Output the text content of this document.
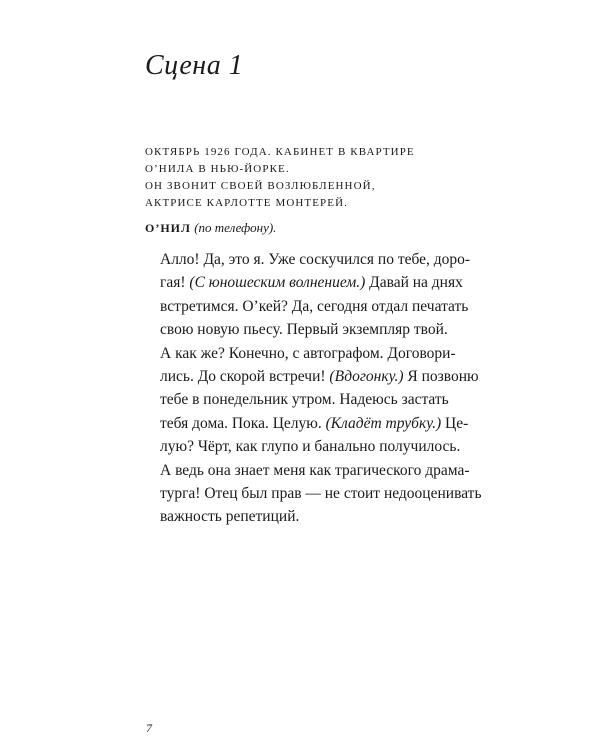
Сцена 1
ОКТЯБРЬ 1926 ГОДА. КАБИНЕТ В КВАРТИРЕ
О’НИЛА В НЬЮ-ЙОРКЕ.
ОН ЗВОНИТ СВОЕЙ ВОЗЛЮБЛЕННОЙ,
АКТРИСЕ КАРЛОТТЕ МОНТЕРЕЙ.
О’НИЛ (по телефону).
Алло! Да, это я. Уже соскучился по тебе, доро-
гая! (С юношеским волнением.) Давай на днях
встретимся. О’кей? Да, сегодня отдал печатать
свою новую пьесу. Первый экземпляр твой.
А как же? Конечно, с автографом. Договори-
лись. До скорой встречи! (Вдогонку.) Я позвоню
тебе в понедельник утром. Надеюсь застать
тебя дома. Пока. Целую. (Кладёт трубку.) Це-
лую? Чёрт, как глупо и банально получилось.
А ведь она знает меня как трагического драма-
турга! Отец был прав — не стоит недооценивать
важность репетиций.
7
